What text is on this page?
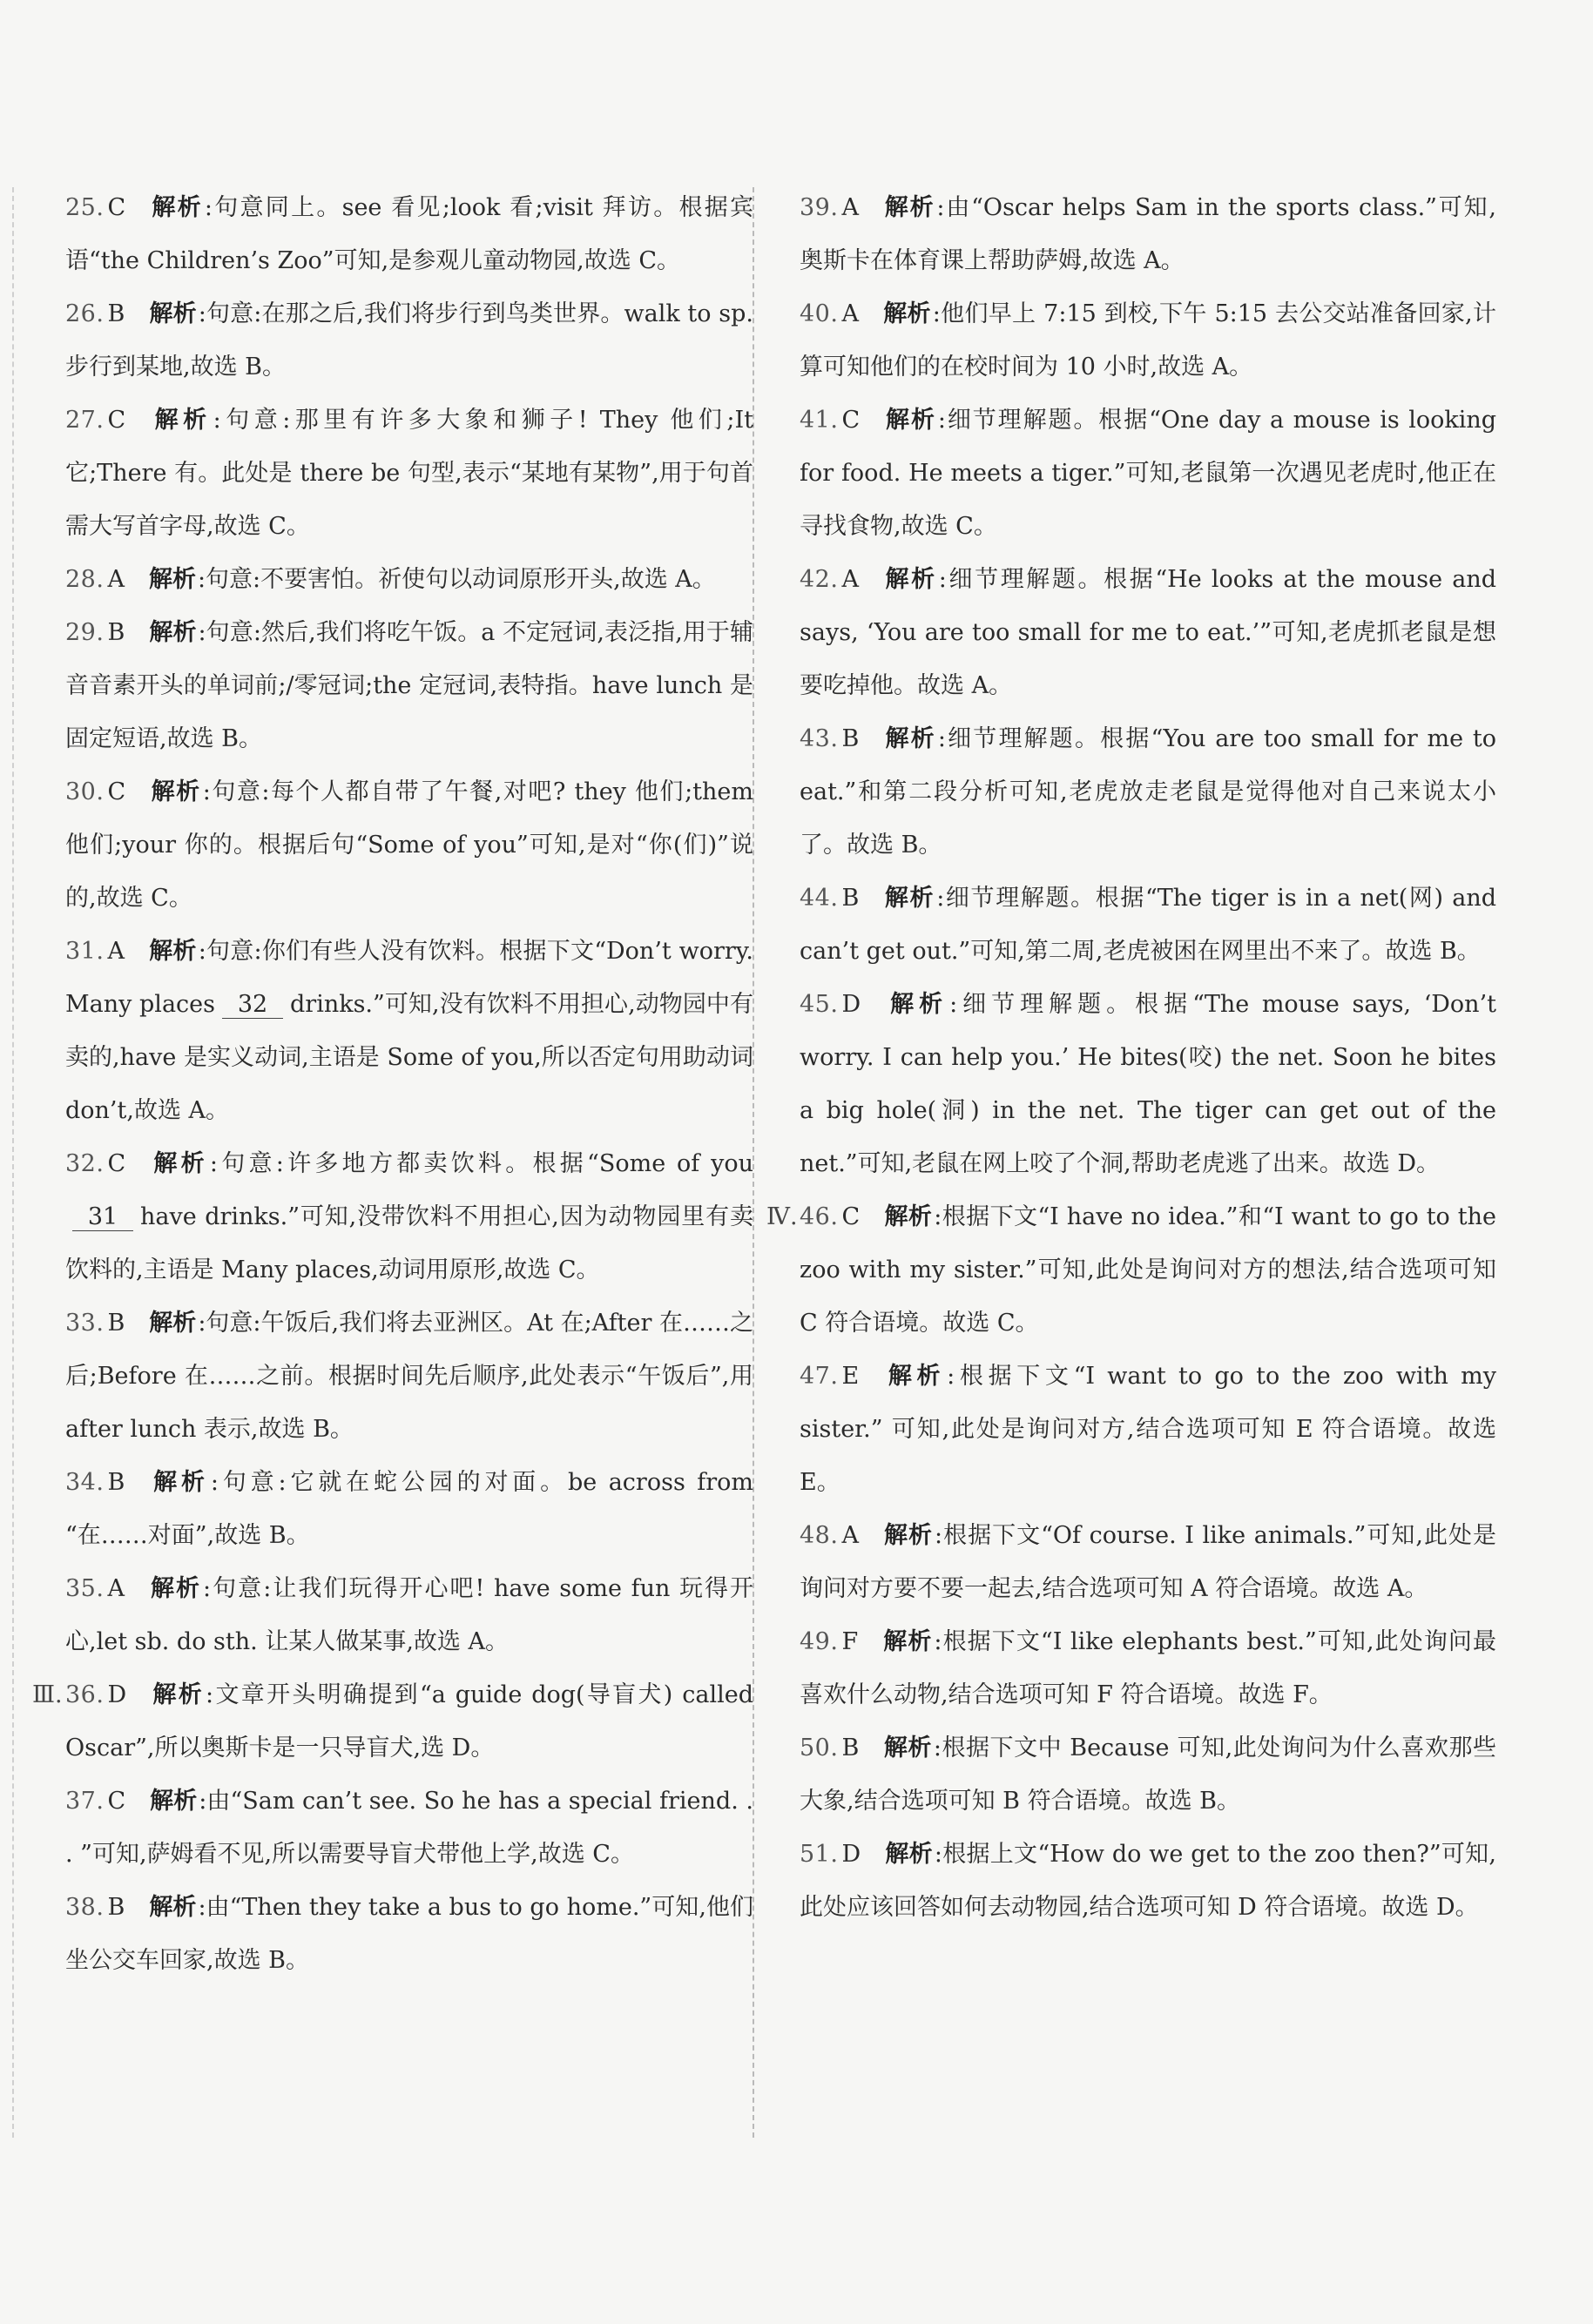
25. C 解析:句意同上。see 看见;look 看;visit 拜访。根据宾语“the Children’s Zoo”可知,是参观儿童动物园,故选 C。
26. B 解析:句意:在那之后,我们将步行到鸟类世界。walk to sp. 步行到某地,故选 B。
27. C 解析:句意:那里有许多大象和狮子! They 他们;It 它;There 有。此处是 there be 句型,表示“某地有某物”,用于句首需大写首字母,故选 C。
28. A 解析:句意:不要害怕。祈使句以动词原形开头,故选 A。
29. B 解析:句意:然后,我们将吃午饭。a 不定冠词,表泛指,用于辅音音素开头的单词前;/零冠词;the 定冠词,表特指。have lunch 是固定短语,故选 B。
30. C 解析:句意:每个人都自带了午餐,对吧? they 他们;them 他们;your 你的。根据后句“Some of you”可知,是对“你(们)”说的,故选 C。
31. A 解析:句意:你们有些人没有饮料。根据下文“Don’t worry. Many places 32 drinks.”可知,没有饮料不用担心,动物园中有卖的,have 是实义动词,主语是 Some of you,所以否定句用助动词 don’t,故选 A。
32. C 解析:句意:许多地方都卖饮料。根据“Some of you31 have drinks.”可知,没带饮料不用担心,因为动物园里有卖饮料的,主语是 Many places,动词用原形,故选 C。
33. B 解析:句意:午饭后,我们将去亚洲区。At 在;After 在……之后;Before 在……之前。根据时间先后顺序,此处表示“午饭后”,用 after lunch 表示,故选 B。
34. B 解析:句意:它就在蛇公园的对面。be across from “在……对面”,故选 B。
35. A 解析:句意:让我们玩得开心吧! have some fun 玩得开心,let sb. do sth. 让某人做某事,故选 A。
Ⅲ. 36. D 解析:文章开头明确提到“a guide dog(导盲犬) called Oscar”,所以奥斯卡是一只导盲犬,选 D。
37. C 解析:由“Sam can’t see. So he has a special friend. . . ”可知,萨姆看不见,所以需要导盲犬带他上学,故选 C。
38. B 解析:由“Then they take a bus to go home.”可知,他们坐公交车回家,故选 B。
39. A 解析:由“Oscar helps Sam in the sports class.”可知,奥斯卡在体育课上帮助萨姆,故选 A。
40. A 解析:他们早上 7:15 到校,下午 5:15 去公交站准备回家,计算可知他们的在校时间为 10 小时,故选 A。
41. C 解析:细节理解题。根据“One day a mouse is looking for food. He meets a tiger.”可知,老鼠第一次遇见老虎时,他正在寻找食物,故选 C。
42. A 解析:细节理解题。根据“He looks at the mouse and says, ‘You are too small for me to eat.’”可知,老虎抓老鼠是想要吃掉他。故选 A。
43. B 解析:细节理解题。根据“You are too small for me to eat.”和第二段分析可知,老虎放走老鼠是觉得他对自己来说太小了。故选 B。
44. B 解析:细节理解题。根据“The tiger is in a net(网) and can’t get out.”可知,第二周,老虎被困在网里出不来了。故选 B。
45. D 解析:细节理解题。根据“The mouse says, ‘Don’t worry. I can help you.’ He bites(咬) the net. Soon he bites a big hole(洞) in the net. The tiger can get out of the net.”可知,老鼠在网上咬了个洞,帮助老虎逃了出来。故选 D。
Ⅳ. 46. C 解析:根据下文“I have no idea.”和“I want to go to the zoo with my sister.”可知,此处是询问对方的想法,结合选项可知 C 符合语境。故选 C。
47. E 解析:根据下文“I want to go to the zoo with my sister.” 可知,此处是询问对方,结合选项可知 E 符合语境。故选 E。
48. A 解析:根据下文“Of course. I like animals.”可知,此处是询问对方要不要一起去,结合选项可知 A 符合语境。故选 A。
49. F 解析:根据下文“I like elephants best.”可知,此处询问最喜欢什么动物,结合选项可知 F 符合语境。故选 F。
50. B 解析:根据下文中 Because 可知,此处询问为什么喜欢那些大象,结合选项可知 B 符合语境。故选 B。
51. D 解析:根据上文“How do we get to the zoo then?”可知,此处应该回答如何去动物园,结合选项可知 D 符合语境。故选 D。
